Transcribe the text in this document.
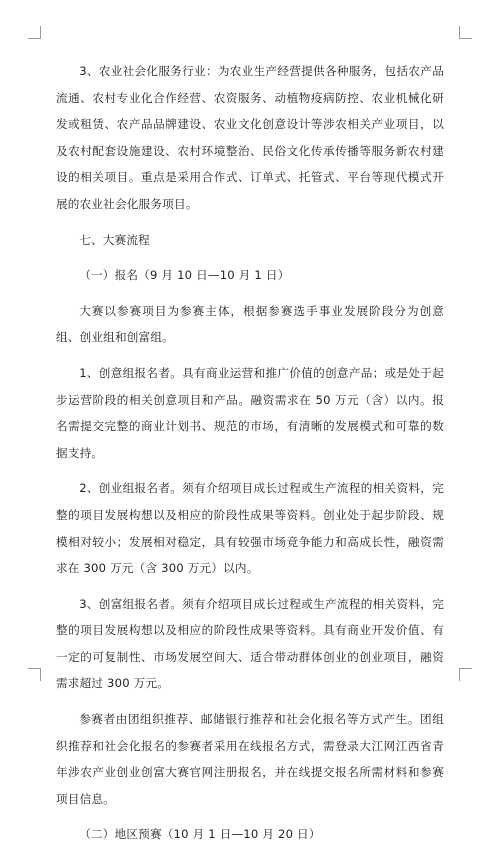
3、农业社会化服务行业：为农业生产经营提供各种服务，包括农产品流通、农村专业化合作经营、农资服务、动植物疫病防控、农业机械化研发或租赁、农产品品牌建设、农业文化创意设计等涉农相关产业项目，以及农村配套设施建设、农村环境整治、民俗文化传承传播等服务新农村建设的相关项目。重点是采用合作式、订单式、托管式、平台等现代模式开展的农业社会化服务项目。

七、大赛流程

（一）报名（9 月 10 日—10 月 1 日）

大赛以参赛项目为参赛主体，根据参赛选手事业发展阶段分为创意组、创业组和创富组。

1、创意组报名者。具有商业运营和推广价值的创意产品；或是处于起步运营阶段的相关创意项目和产品。融资需求在 50 万元（含）以内。报名需提交完整的商业计划书、规范的市场，有清晰的发展模式和可靠的数据支持。

2、创业组报名者。须有介绍项目成长过程或生产流程的相关资料，完整的项目发展构想以及相应的阶段性成果等资料。创业处于起步阶段、规模相对较小；发展相对稳定，具有较强市场竞争能力和高成长性，融资需求在 300 万元（含 300 万元）以内。

3、创富组报名者。须有介绍项目成长过程或生产流程的相关资料，完整的项目发展构想以及相应的阶段性成果等资料。具有商业开发价值、有一定的可复制性、市场发展空间大、适合带动群体创业的创业项目，融资需求超过 300 万元。

参赛者由团组织推荐、邮储银行推荐和社会化报名等方式产生。团组织推荐和社会化报名的参赛者采用在线报名方式，需登录大江网江西省青年涉农产业创业创富大赛官网注册报名，并在线提交报名所需材料和参赛项目信息。

（二）地区预赛（10 月 1 日—10 月 20 日）
